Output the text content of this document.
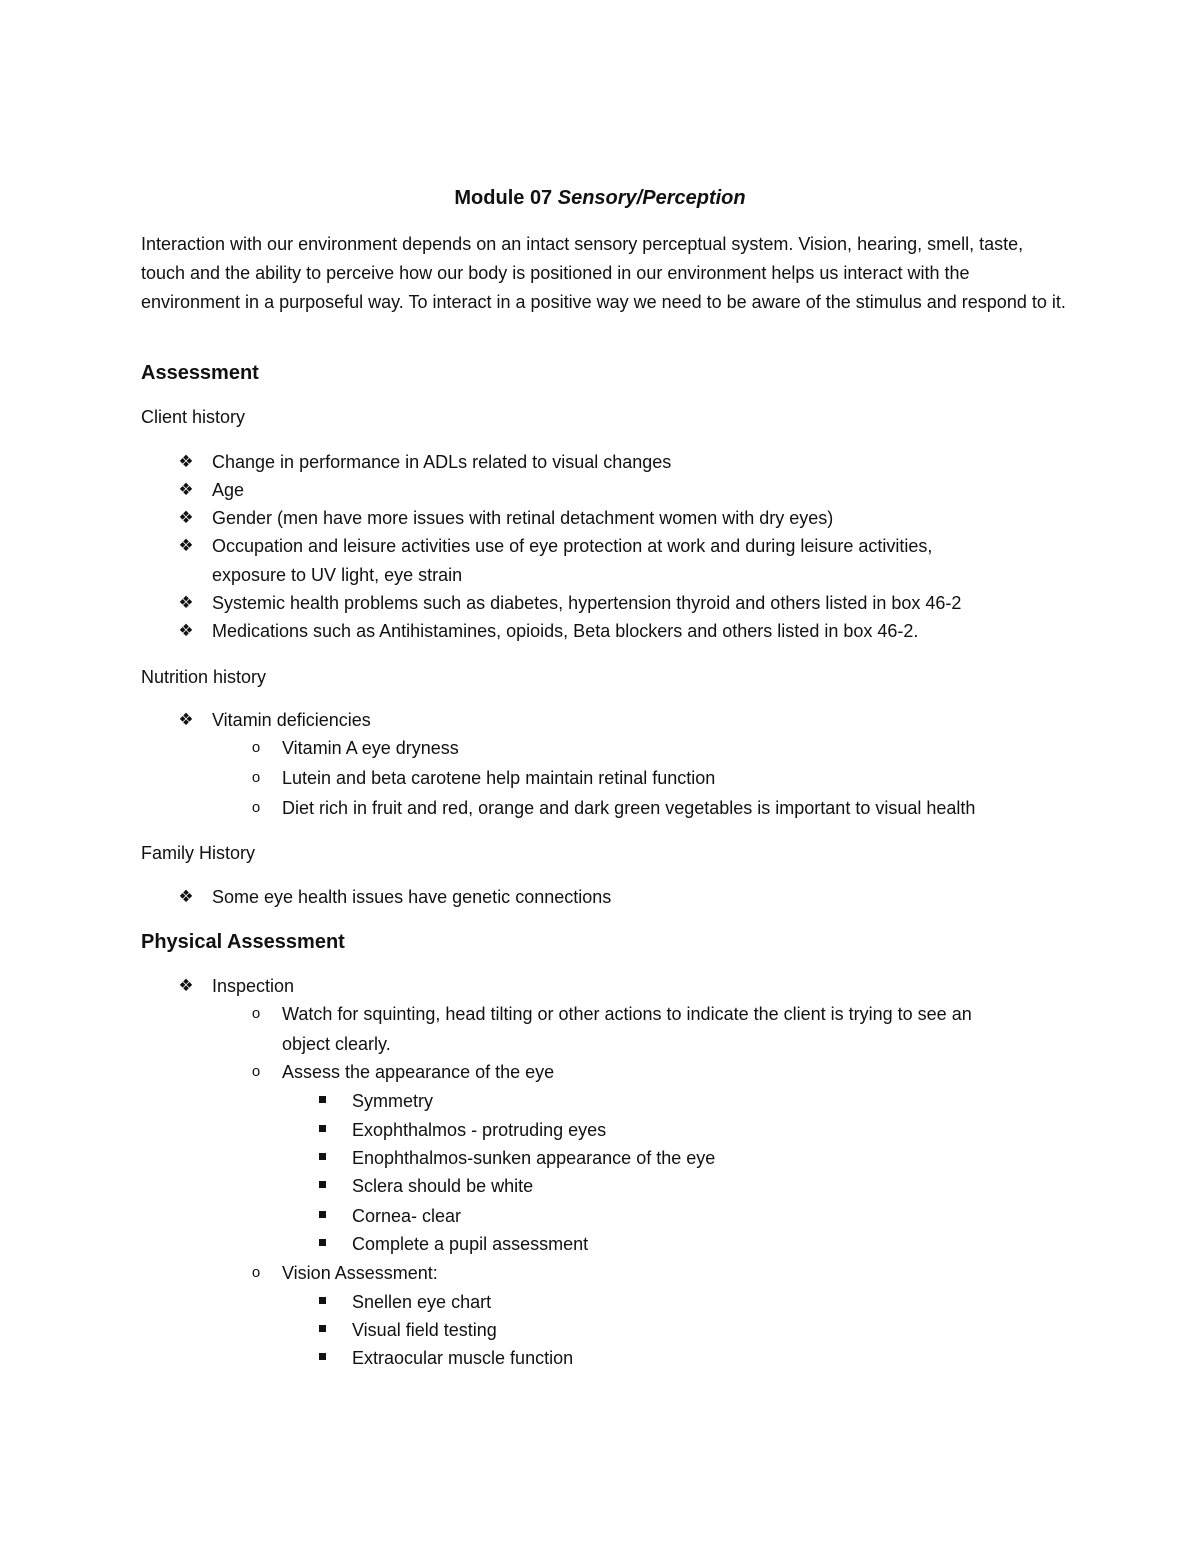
Module 07 Sensory/Perception

Interaction with our environment depends on an intact sensory perceptual system. Vision, hearing, smell, taste, touch and the ability to perceive how our body is positioned in our environment helps us interact with the environment in a purposeful way. To interact in a positive way we need to be aware of the stimulus and respond to it.

Assessment
Client history
❖ Change in performance in ADLs related to visual changes
❖ Age
❖ Gender (men have more issues with retinal detachment women with dry eyes)
❖ Occupation and leisure activities use of eye protection at work and during leisure activities,
exposure to UV light, eye strain
❖ Systemic health problems such as diabetes, hypertension thyroid and others listed in box 46-2
❖ Medications such as Antihistamines, opioids, Beta blockers and others listed in box 46-2.
Nutrition history
❖ Vitamin deficiencies
o Vitamin A eye dryness
o Lutein and beta carotene help maintain retinal function
o Diet rich in fruit and red, orange and dark green vegetables is important to visual health
Family History
❖ Some eye health issues have genetic connections
Physical Assessment
❖ Inspection
o Watch for squinting, head tilting or other actions to indicate the client is trying to see an
object clearly.
o Assess the appearance of the eye
Symmetry
Exophthalmos - protruding eyes
Enophthalmos-sunken appearance of the eye
Sclera should be white
Cornea- clear
Complete a pupil assessment
o Vision Assessment:
Snellen eye chart
Visual field testing
Extraocular muscle function
